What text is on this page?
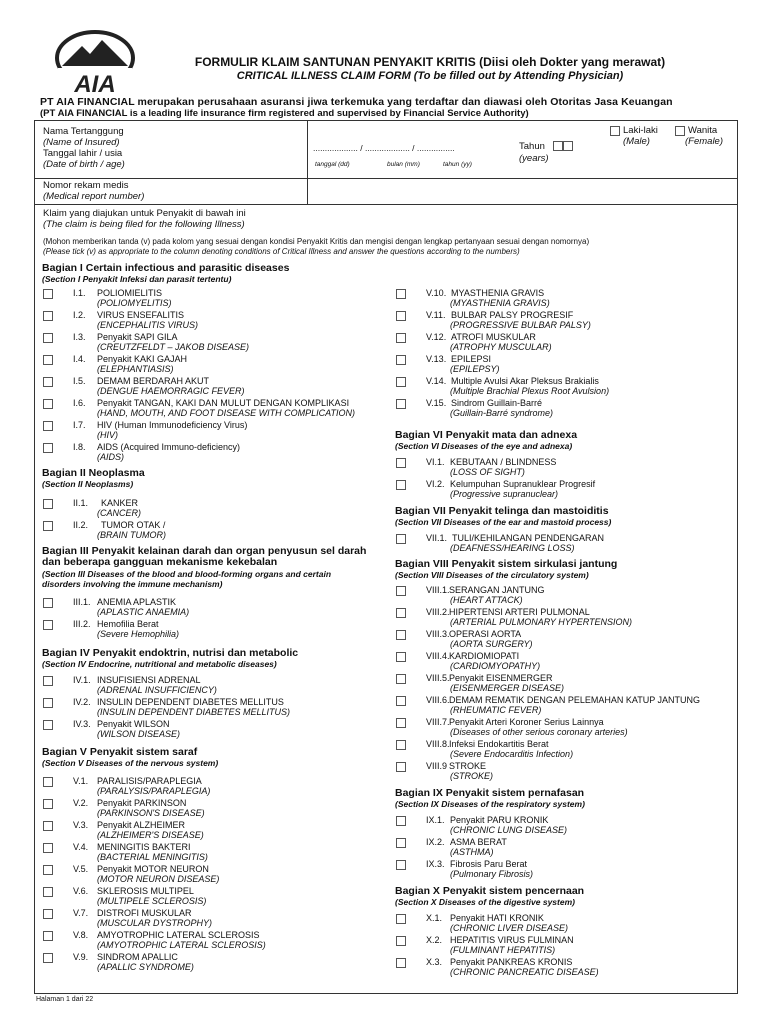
AIA
FORMULIR KLAIM SANTUNAN PENYAKIT KRITIS (Diisi oleh Dokter yang merawat)
CRITICAL ILLNESS CLAIM FORM (To be filled out by Attending Physician)
PT AIA FINANCIAL merupakan perusahaan asuransi jiwa terkemuka yang terdaftar dan diawasi oleh Otoritas Jasa Keuangan
(PT AIA FINANCIAL is a leading life insurance firm registered and supervised by Financial Service Authority)
Nama Tertanggung
(Name of Insured)
Tanggal lahir / usia
(Date of birth / age)
................... / ................... / ................
tanggal (dd)	bulan (mm)	tahun (yy)
Tahun
(years)
Laki-laki
(Male)
Wanita
(Female)
Nomor rekam medis
(Medical report number)
Klaim yang diajukan untuk Penyakit di bawah ini
(The claim is being filed for the following Illness)
(Mohon memberikan tanda (v) pada kolom yang sesuai dengan kondisi Penyakit Kritis dan mengisi dengan lengkap pertanyaan sesuai dengan nomornya)
(Please tick (v) as appropriate to the column denoting conditions of Critical Illness and answer the questions according to the numbers)
Halaman 1 dari 22
Bagian I Certain infectious and parasitic diseases
(Section I Penyakit Infeksi dan parasit tertentu)
I.1. POLIOMIELITIS
(POLIOMYELITIS)
I.2. VIRUS ENSEFALITIS
(ENCEPHALITIS VIRUS)
I.3. Penyakit SAPI GILA
(CREUTZFELDT – JAKOB DISEASE)
I.4. Penyakit KAKI GAJAH
(ELEPHANTIASIS)
I.5. DEMAM BERDARAH AKUT
(DENGUE HAEMORRAGIC FEVER)
I.6. Penyakit TANGAN, KAKI DAN MULUT DENGAN KOMPLIKASI
(HAND, MOUTH, AND FOOT DISEASE WITH COMPLICATION)
I.7. HIV (Human Immunodeficiency Virus)
(HIV)
I.8. AIDS (Acquired Immuno-deficiency)
(AIDS)
Bagian II Neoplasma
(Section II Neoplasms)
II.1. KANKER
(CANCER)
II.2. TUMOR OTAK /
(BRAIN TUMOR)
Bagian III Penyakit kelainan darah dan organ penyusun sel darah
dan beberapa gangguan mekanisme kekebalan
(Section III Diseases of the blood and blood-forming organs and certain
disorders involving the immune mechanism)
III.1. ANEMIA APLASTIK
(APLASTIC ANAEMIA)
III.2. Hemofilia Berat
(Severe Hemophilia)
Bagian IV Penyakit endoktrin, nutrisi dan metabolic
(Section IV Endocrine, nutritional and metabolic diseases)
IV.1. INSUFISIENSI ADRENAL
(ADRENAL INSUFFICIENCY)
IV.2. INSULIN DEPENDENT DIABETES MELLITUS
(INSULIN DEPENDENT DIABETES MELLITUS)
IV.3. Penyakit WILSON
(WILSON DISEASE)
Bagian V Penyakit sistem saraf
(Section V Diseases of the nervous system)
V.1. PARALISIS/PARAPLEGIA
(PARALYSIS/PARAPLEGIA)
V.2. Penyakit PARKINSON
(PARKINSON'S DISEASE)
V.3. Penyakit ALZHEIMER
(ALZHEIMER'S DISEASE)
V.4. MENINGITIS BAKTERI
(BACTERIAL MENINGITIS)
V.5. Penyakit MOTOR NEURON
(MOTOR NEURON DISEASE)
V.6. SKLEROSIS MULTIPEL
(MULTIPELE SCLEROSIS)
V.7. DISTROFI MUSKULAR
(MUSCULAR DYSTROPHY)
V.8. AMYOTROPHIC LATERAL SCLEROSIS
(AMYOTROPHIC LATERAL SCLEROSIS)
V.9. SINDROM APALLIC
(APALLIC SYNDROME)
V.10. MYASTHENIA GRAVIS
(MYASTHENIA GRAVIS)
V.11. BULBAR PALSY PROGRESIF
(PROGRESSIVE BULBAR PALSY)
V.12. ATROFI MUSKULAR
(ATROPHY MUSCULAR)
V.13. EPILEPSI
(EPILEPSY)
V.14. Multiple Avulsi Akar Pleksus Brakialis
(Multiple Brachial Plexus Root Avulsion)
V.15. Sindrom Guillain-Barré
(Guillain-Barré syndrome)
Bagian VI Penyakit mata dan adnexa
(Section VI Diseases of the eye and adnexa)
VI.1. KEBUTAAN / BLINDNESS
(LOSS OF SIGHT)
VI.2. Kelumpuhan Supranuklear Progresif
(Progressive supranuclear)
Bagian VII Penyakit telinga dan mastoiditis
(Section VII Diseases of the ear and mastoid process)
VII.1. TULI/KEHILANGAN PENDENGARAN
(DEAFNESS/HEARING LOSS)
Bagian VIII Penyakit sistem sirkulasi jantung
(Section VIII Diseases of the circulatory system)
VIII.1. SERANGAN JANTUNG
(HEART ATTACK)
VIII.2. HIPERTENSI ARTERI PULMONAL
(ARTERIAL PULMONARY HYPERTENSION)
VIII.3. OPERASI AORTA
(AORTA SURGERY)
VIII.4. KARDIOMIOPATI
(CARDIOMYOPATHY)
VIII.5. Penyakit EISENMERGER
(EISENMERGER DISEASE)
VIII.6. DEMAM REMATIK DENGAN PELEMAHAN KATUP JANTUNG
(RHEUMATIC FEVER)
VIII.7. Penyakit Arteri Koroner Serius Lainnya
(Diseases of other serious coronary arteries)
VIII.8. Infeksi Endokartitis Berat
(Severe Endocarditis Infection)
VIII.9 STROKE
(STROKE)
Bagian IX Penyakit sistem pernafasan
(Section IX Diseases of the respiratory system)
IX.1. Penyakit PARU KRONIK
(CHRONIC LUNG DISEASE)
IX.2. ASMA BERAT
(ASTHMA)
IX.3. Fibrosis Paru Berat
(Pulmonary Fibrosis)
Bagian X Penyakit sistem pencernaan
(Section X Diseases of the digestive system)
X.1. Penyakit HATI KRONIK
(CHRONIC LIVER DISEASE)
X.2. HEPATITIS VIRUS FULMINAN
(FULMINANT HEPATITIS)
X.3. Penyakit PANKREAS KRONIS
(CHRONIC PANCREATIC DISEASE)
